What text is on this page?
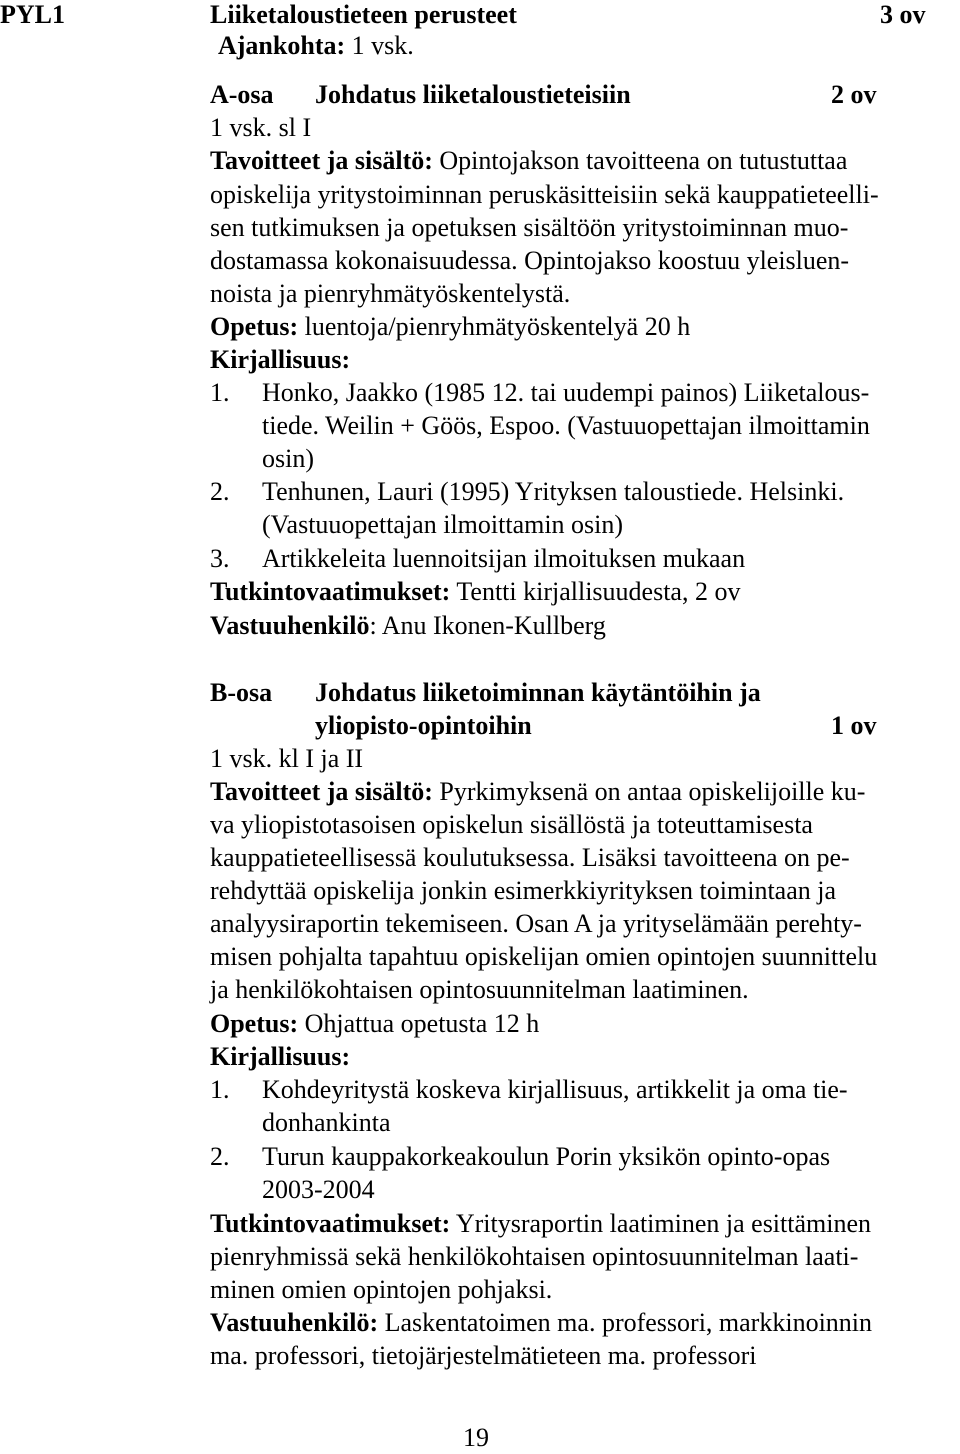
PYL1	Liiketaloustieteen perusteet	3 ov

Ajankohta: 1 vsk.

A-osa Johdatus liiketaloustieteisiin	2 ov

1 vsk. sl I

Tavoitteet ja sisältö: Opintojakson tavoitteena on tutustuttaa

opiskelija yritystoiminnan peruskäsitteisiin sekä kauppatieteelli-

sen tutkimuksen ja opetuksen sisältöön yritystoiminnan muo-

dostamassa kokonaisuudessa. Opintojakso koostuu yleisluen-

noista ja pienryhmätyöskentelystä.

Opetus: luentoja/pienryhmätyöskentelyä 20 h

Kirjallisuus:

1. Honko, Jaakko (1985 12. tai uudempi painos) Liiketalous-

tiede. Weilin + Göös, Espoo. (Vastuuopettajan ilmoittamin

osin)

2. Tenhunen, Lauri (1995) Yrityksen taloustiede. Helsinki.

(Vastuuopettajan ilmoittamin osin)

3. Artikkeleita luennoitsijan ilmoituksen mukaan

Tutkintovaatimukset: Tentti kirjallisuudesta, 2 ov

Vastuuhenkilö: Anu Ikonen-Kullberg

B-osa Johdatus liiketoiminnan käytäntöihin ja

yliopisto-opintoihin	1 ov

1 vsk. kl I ja II

Tavoitteet ja sisältö: Pyrkimyksenä on antaa opiskelijoille ku-

va yliopistotasoisen opiskelun sisällöstä ja toteuttamisesta

kauppatieteellisessä koulutuksessa. Lisäksi tavoitteena on pe-

rehdyttää opiskelija jonkin esimerkkiyrityksen toimintaan ja

analyysiraportin tekemiseen. Osan A ja yrityselämään perehty-

misen pohjalta tapahtuu opiskelijan omien opintojen suunnittelu

ja henkilökohtaisen opintosuunnitelman laatiminen.

Opetus: Ohjattua opetusta 12 h

Kirjallisuus:

1. Kohdeyritystä koskeva kirjallisuus, artikkelit ja oma tie-

donhankinta

2. Turun kauppakorkeakoulun Porin yksikön opinto-opas

2003-2004

Tutkintovaatimukset: Yritysraportin laatiminen ja esittäminen

pienryhmissä sekä henkilökohtaisen opintosuunnitelman laati-

minen omien opintojen pohjaksi.

Vastuuhenkilö: Laskentatoimen ma. professori, markkinoinnin

ma. professori, tietojärjestelmätieteen ma. professori

19
